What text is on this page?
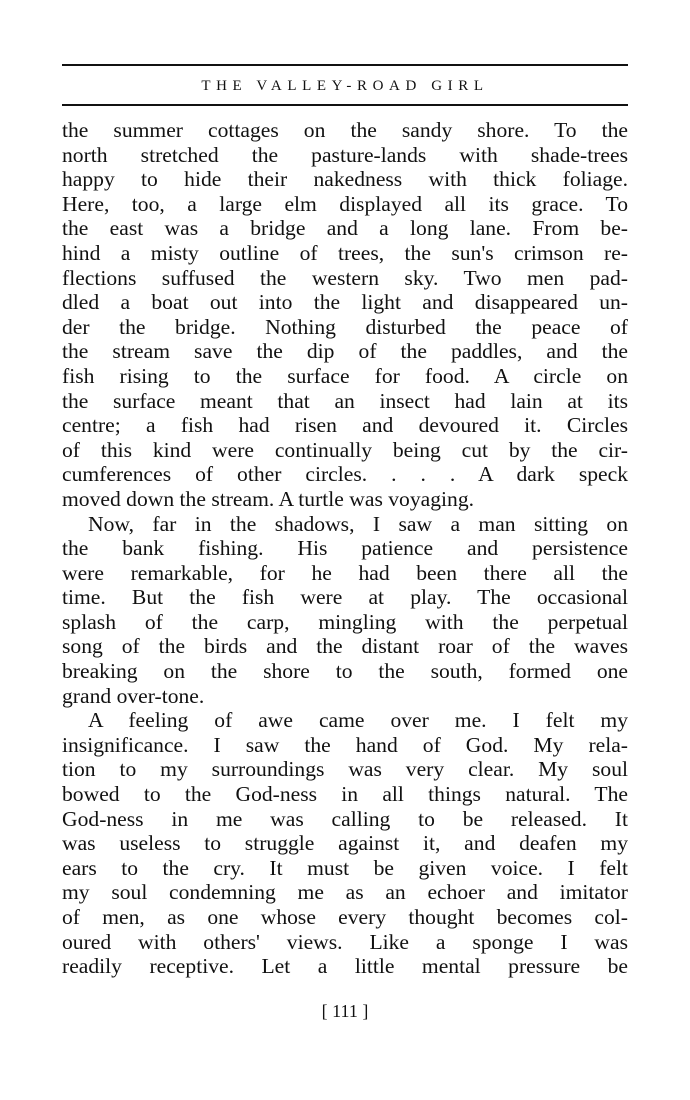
THE VALLEY-ROAD GIRL
the summer cottages on the sandy shore. To the
north stretched the pasture-lands with shade-trees
happy to hide their nakedness with thick foliage.
Here, too, a large elm displayed all its grace. To
the east was a bridge and a long lane. From be-
hind a misty outline of trees, the sun's crimson re-
flections suffused the western sky. Two men pad-
dled a boat out into the light and disappeared un-
der the bridge. Nothing disturbed the peace of
the stream save the dip of the paddles, and the
fish rising to the surface for food. A circle on
the surface meant that an insect had lain at its
centre; a fish had risen and devoured it. Circles
of this kind were continually being cut by the cir-
cumferences of other circles. . . . A dark speck
moved down the stream. A turtle was voyaging.
Now, far in the shadows, I saw a man sitting on
the bank fishing. His patience and persistence
were remarkable, for he had been there all the
time. But the fish were at play. The occasional
splash of the carp, mingling with the perpetual
song of the birds and the distant roar of the waves
breaking on the shore to the south, formed one
grand over-tone.
A feeling of awe came over me. I felt my
insignificance. I saw the hand of God. My rela-
tion to my surroundings was very clear. My soul
bowed to the God-ness in all things natural. The
God-ness in me was calling to be released. It
was useless to struggle against it, and deafen my
ears to the cry. It must be given voice. I felt
my soul condemning me as an echoer and imitator
of men, as one whose every thought becomes col-
oured with others' views. Like a sponge I was
readily receptive. Let a little mental pressure be
[ 111 ]
